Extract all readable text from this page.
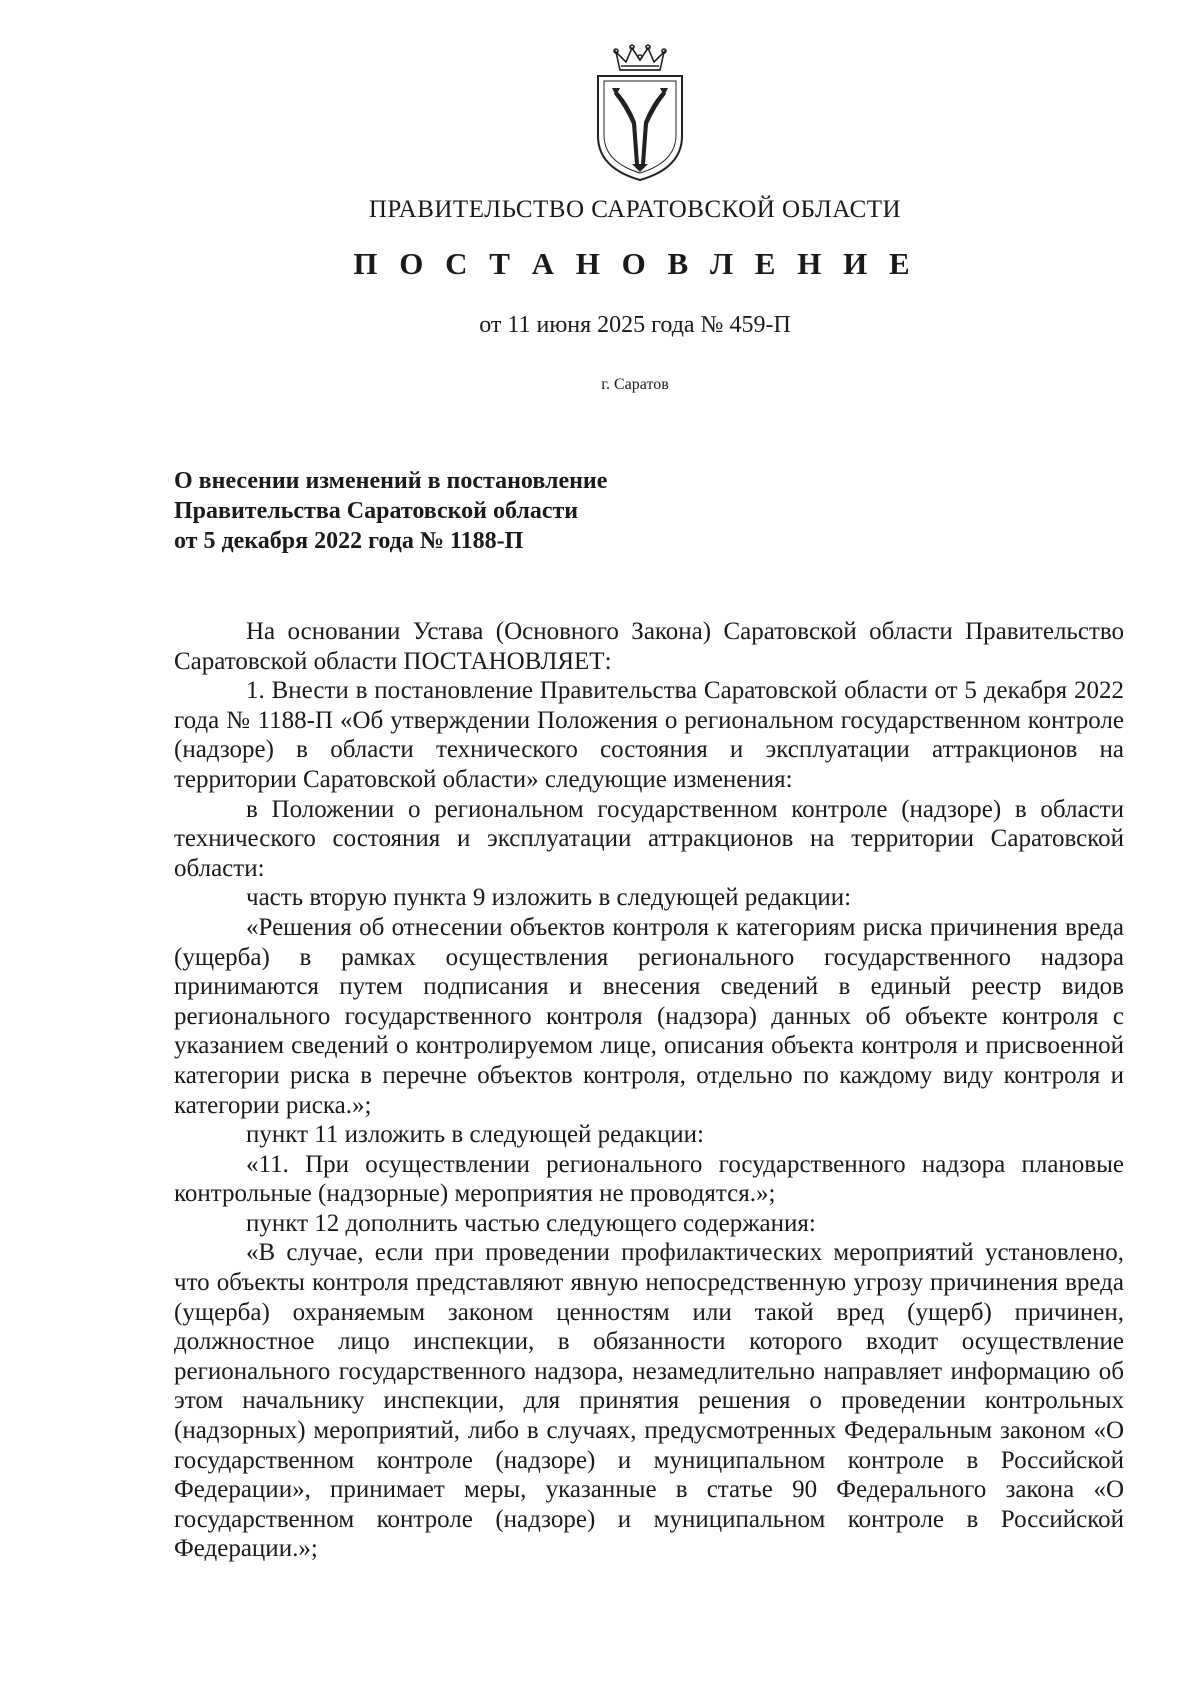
ПРАВИТЕЛЬСТВО САРАТОВСКОЙ ОБЛАСТИ
П О С Т А Н О В Л Е Н И Е
от 11 июня 2025 года № 459-П
г. Саратов
О внесении изменений в постановление
Правительства Саратовской области
от 5 декабря 2022 года № 1188-П

На основании Устава (Основного Закона) Саратовской области Правительство Саратовской области ПОСТАНОВЛЯЕТ:

1. Внести в постановление Правительства Саратовской области от 5 декабря 2022 года № 1188-П «Об утверждении Положения о региональном государственном контроле (надзоре) в области технического состояния и эксплуатации аттракционов на территории Саратовской области» следующие изменения:

в Положении о региональном государственном контроле (надзоре) в области технического состояния и эксплуатации аттракционов на территории Саратовской области:

часть вторую пункта 9 изложить в следующей редакции:

«Решения об отнесении объектов контроля к категориям риска причинения вреда (ущерба) в рамках осуществления регионального государственного надзора принимаются путем подписания и внесения сведений в единый реестр видов регионального государственного контроля (надзора) данных об объекте контроля с указанием сведений о контролируемом лице, описания объекта контроля и присвоенной категории риска в перечне объектов контроля, отдельно по каждому виду контроля и категории риска.»;

пункт 11 изложить в следующей редакции:

«11. При осуществлении регионального государственного надзора плановые контрольные (надзорные) мероприятия не проводятся.»;

пункт 12 дополнить частью следующего содержания:

«В случае, если при проведении профилактических мероприятий установлено, что объекты контроля представляют явную непосредственную угрозу причинения вреда (ущерба) охраняемым законом ценностям или такой вред (ущерб) причинен, должностное лицо инспекции, в обязанности которого входит осуществление регионального государственного надзора, незамедлительно направляет информацию об этом начальнику инспекции, для принятия решения о проведении контрольных (надзорных) мероприятий, либо в случаях, предусмотренных Федеральным законом «О государственном контроле (надзоре) и муниципальном контроле в Российской Федерации», принимает меры, указанные в статье 90 Федерального закона «О государственном контроле (надзоре) и муниципальном контроле в Российской Федерации.»;
